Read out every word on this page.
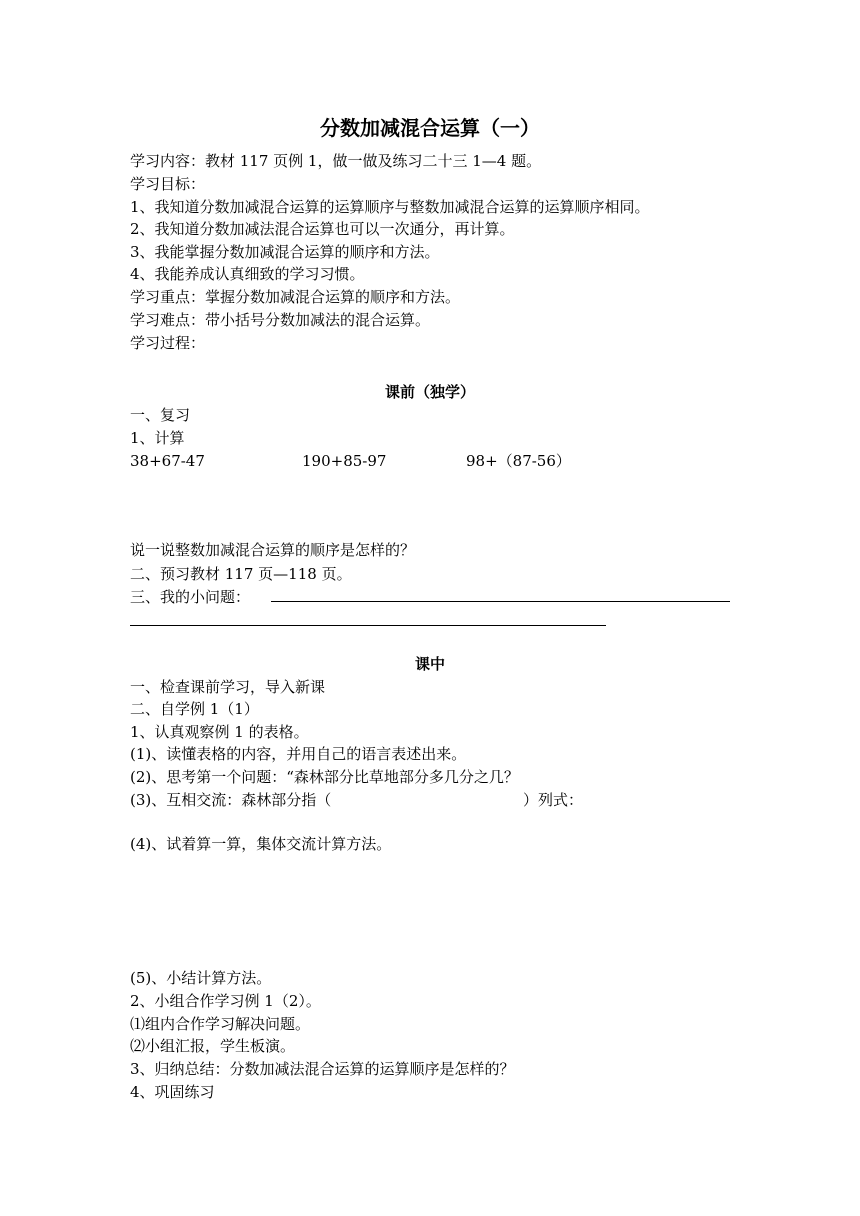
分数加减混合运算（一）
学习内容：教材 117 页例 1，做一做及练习二十三 1—4 题。
学习目标：
1、我知道分数加减混合运算的运算顺序与整数加减混合运算的运算顺序相同。
2、我知道分数加减法混合运算也可以一次通分，再计算。
3、我能掌握分数加减混合运算的顺序和方法。
4、我能养成认真细致的学习习惯。
学习重点：掌握分数加减混合运算的顺序和方法。
学习难点：带小括号分数加减法的混合运算。
学习过程：
课前（独学）
一、复习
1、计算
38+67-47	190+85-97	98+（87-56）
说一说整数加减混合运算的顺序是怎样的？
二、预习教材 117 页—118 页。
三、我的小问题：
课中
一、检查课前学习，导入新课
二、自学例 1（1）
1、认真观察例 1 的表格。
(1)、读懂表格的内容，并用自己的语言表述出来。
(2)、思考第一个问题：“森林部分比草地部分多几分之几？
(3)、互相交流：森林部分指（	）列式：
(4)、试着算一算，集体交流计算方法。
(5)、小结计算方法。
2、小组合作学习例 1（2）。
⑴组内合作学习解决问题。
⑵小组汇报，学生板演。
3、归纳总结：分数加减法混合运算的运算顺序是怎样的？
4、巩固练习
